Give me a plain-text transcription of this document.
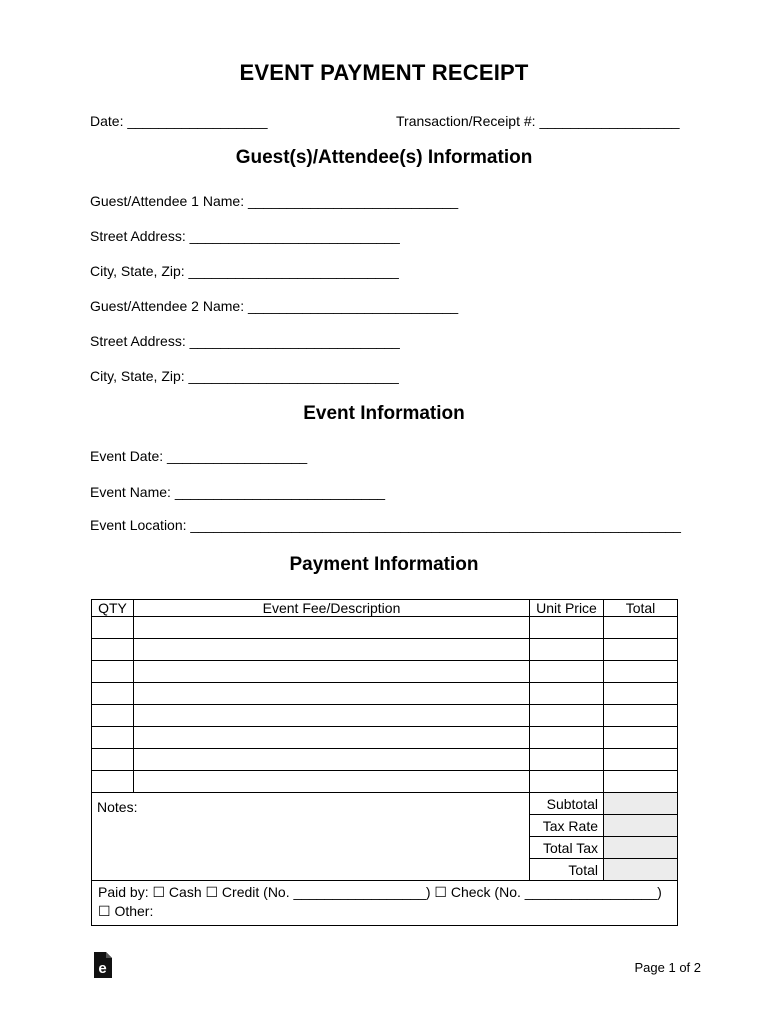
EVENT PAYMENT RECEIPT
Date: __________________	Transaction/Receipt #: __________________
Guest(s)/Attendee(s) Information
Guest/Attendee 1 Name: ___________________________
Street Address: ___________________________
City, State, Zip: ___________________________
Guest/Attendee 2 Name: ___________________________
Street Address: ___________________________
City, State, Zip: ___________________________
Event Information
Event Date: __________________
Event Name: ___________________________
Event Location: _______________________________________________________________
Payment Information
QTY	Event Fee/Description	Unit Price	Total

Notes:		Subtotal	
		Tax Rate	
		Total Tax	
		Total	

Paid by: ☐ Cash ☐ Credit (No. _________________) ☐ Check (No. _________________)
☐ Other:			
e	Page 1 of 2
